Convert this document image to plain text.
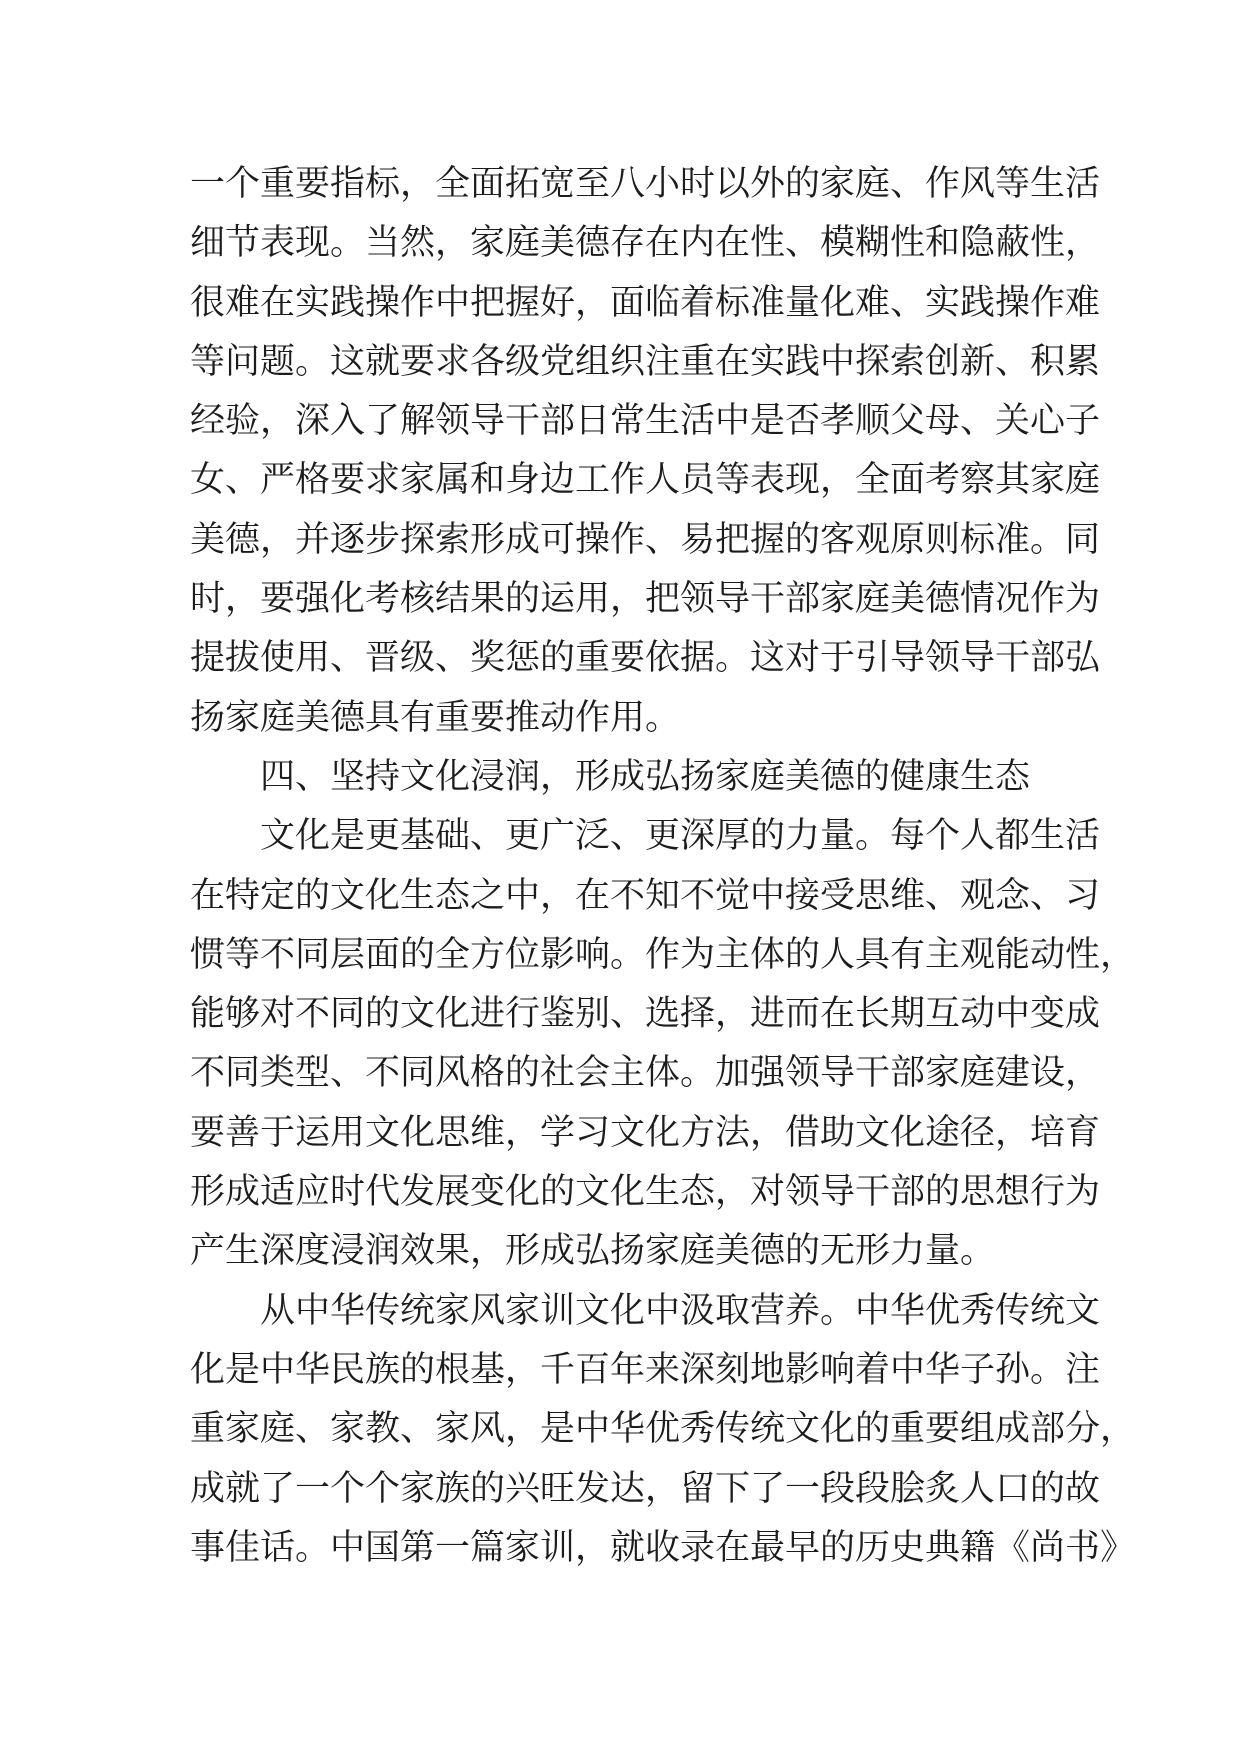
一个重要指标，全面拓宽至八小时以外的家庭、作风等生活
细节表现。当然，家庭美德存在内在性、模糊性和隐蔽性，
很难在实践操作中把握好，面临着标准量化难、实践操作难
等问题。这就要求各级党组织注重在实践中探索创新、积累
经验，深入了解领导干部日常生活中是否孝顺父母、关心子
女、严格要求家属和身边工作人员等表现，全面考察其家庭
美德，并逐步探索形成可操作、易把握的客观原则标准。同
时，要强化考核结果的运用，把领导干部家庭美德情况作为
提拔使用、晋级、奖惩的重要依据。这对于引导领导干部弘
扬家庭美德具有重要推动作用。
四、坚持文化浸润，形成弘扬家庭美德的健康生态
文化是更基础、更广泛、更深厚的力量。每个人都生活
在特定的文化生态之中，在不知不觉中接受思维、观念、习
惯等不同层面的全方位影响。作为主体的人具有主观能动性，
能够对不同的文化进行鉴别、选择，进而在长期互动中变成
不同类型、不同风格的社会主体。加强领导干部家庭建设，
要善于运用文化思维，学习文化方法，借助文化途径，培育
形成适应时代发展变化的文化生态，对领导干部的思想行为
产生深度浸润效果，形成弘扬家庭美德的无形力量。
从中华传统家风家训文化中汲取营养。中华优秀传统文
化是中华民族的根基，千百年来深刻地影响着中华子孙。注
重家庭、家教、家风，是中华优秀传统文化的重要组成部分，
成就了一个个家族的兴旺发达，留下了一段段脍炙人口的故
事佳话。中国第一篇家训，就收录在最早的历史典籍《尚书》
